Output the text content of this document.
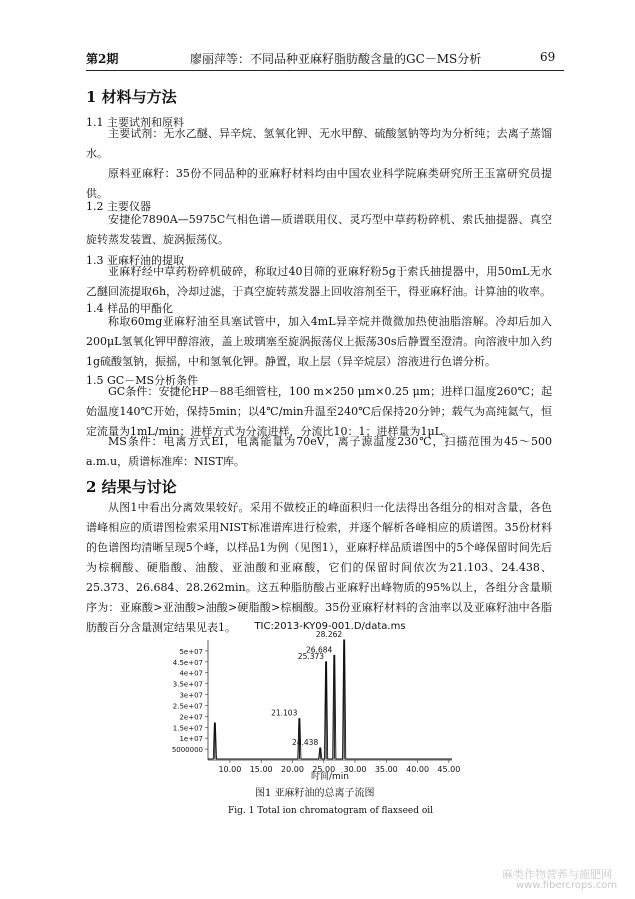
第2期	廖丽萍等：不同品种亚麻籽脂肪酸含量的GC－MS分析	69
1 材料与方法
1.1 主要试剂和原料
主要试剂：无水乙醚、异辛烷、氢氧化钾、无水甲醇、硫酸氢钠等均为分析纯；去离子蒸馏水。
原料亚麻籽：35份不同品种的亚麻籽材料均由中国农业科学院麻类研究所王玉富研究员提供。
1.2 主要仪器
安捷伦7890A—5975C气相色谱—质谱联用仪、灵巧型中草药粉碎机、索氏抽提器、真空旋转蒸发装置、旋涡振荡仪。
1.3 亚麻籽油的提取
亚麻籽经中草药粉碎机破碎，称取过40目筛的亚麻籽粉5g于索氏抽提器中，用50mL无水乙醚回流提取6h，冷却过滤，于真空旋转蒸发器上回收溶剂至干，得亚麻籽油。计算油的收率。
1.4 样品的甲酯化
称取60mg亚麻籽油至具塞试管中，加入4mL异辛烷并微微加热使油脂溶解。冷却后加入200μL氢氧化钾甲醇溶液，盖上玻璃塞至旋涡振荡仪上振荡30s后静置至澄清。向溶液中加入约1g硫酸氢钠，振摇，中和氢氧化钾。静置，取上层（异辛烷层）溶液进行色谱分析。
1.5 GC－MS分析条件
GC条件：安捷伦HP－88毛细管柱，100 m×250 μm×0.25 μm；进样口温度260℃；起始温度140℃开始，保持5min；以4℃/min升温至240℃后保持20分钟；载气为高纯氦气，恒定流量为1mL/min；进样方式为分流进样，分流比10：1；进样量为1μL。
MS条件：电离方式EI，电离能量为70eV，离子源温度230℃，扫描范围为45～500 a.m.u，质谱标准库：NIST库。
2 结果与讨论
从图1中看出分离效果较好。采用不做校正的峰面积归一化法得出各组分的相对含量，各色谱峰相应的质谱图检索采用NIST标准谱库进行检索，并逐个解析各峰相应的质谱图。35份材料的色谱图均清晰呈现5个峰，以样品1为例（见图1），亚麻籽样品质谱图中的5个峰保留时间先后为棕榈酸、硬脂酸、油酸、亚油酸和亚麻酸，它们的保留时间依次为21.103、24.438、25.373、26.684、28.262min。这五种脂肪酸占亚麻籽出峰物质的95%以上，各组分含量顺序为：亚麻酸>亚油酸>油酸>硬脂酸>棕榈酸。35份亚麻籽材料的含油率以及亚麻籽油中各脂肪酸百分含量测定结果见表1。	TIC:2013-KY09-001.D/data.ms
5000000
1e+07
1.5e+07
2e+07
2.5e+07
3e+07
3.5e+07
4e+07
4.5e+07
5e+07
10.00 15.00 20.00 25.00 30.00 35.00 40.00 45.00
21.103
24.438
25.373
26.684
28.262
时间/min
图1 亚麻籽油的总离子流图
Fig. 1 Total ion chromatogram of flaxseed oil
麻类作物营养与施肥网
www.fibercrops.com
